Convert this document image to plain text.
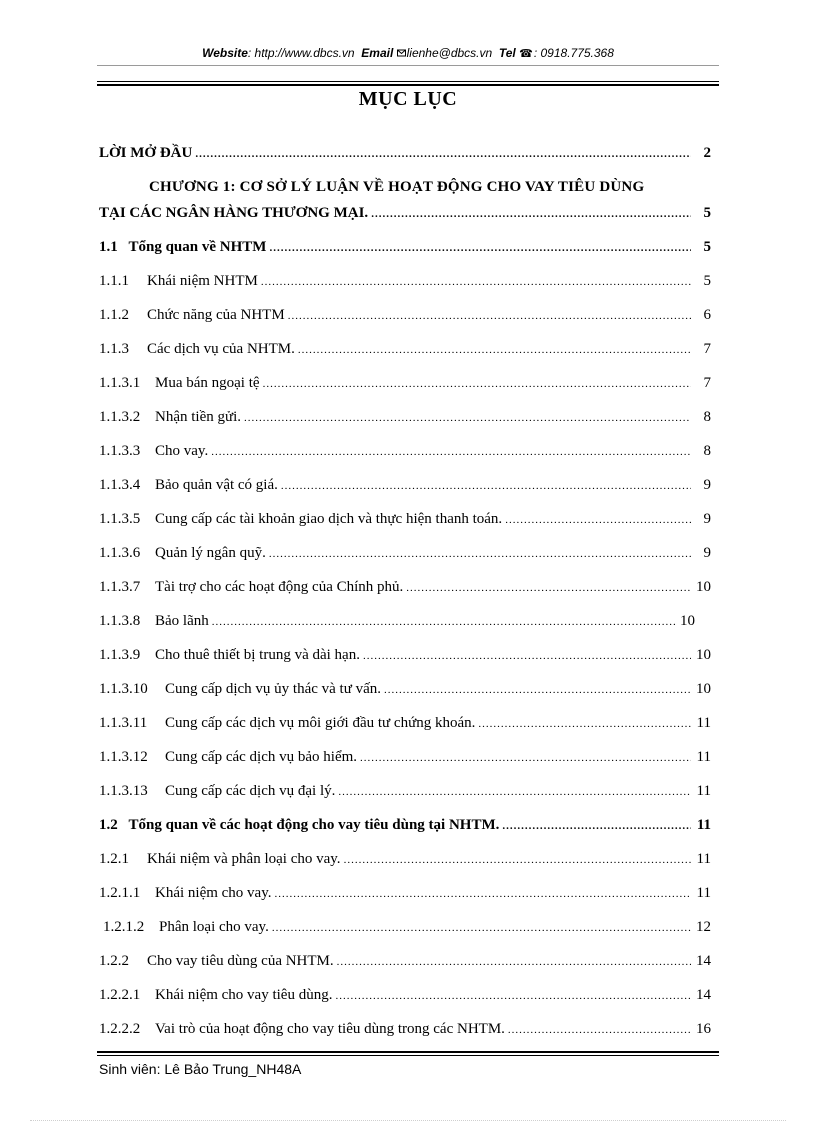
Website: http://www.dbcs.vn Email lienhe@dbcs.vn Tel ☎: 0918.775.368
MỤC LỤC
LỜI MỞ ĐẦU .....	2
CHƯƠNG 1: CƠ SỞ LÝ LUẬN VỀ HOẠT ĐỘNG CHO VAY TIÊU DÙNG
TẠI CÁC NGÂN HÀNG THƯƠNG MẠI. .....	5
1.1 Tổng quan về NHTM .....	5
1.1.1 Khái niệm NHTM .....	5
1.1.2 Chức năng của NHTM .....	6
1.1.3 Các dịch vụ của NHTM. .....	7
1.1.3.1 Mua bán ngoại tệ .....	7
1.1.3.2 Nhận tiền gửi. .....	8
1.1.3.3 Cho vay. .....	8
1.1.3.4 Bảo quản vật có giá. .....	9
1.1.3.5 Cung cấp các tài khoản giao dịch và thực hiện thanh toán. .....	9
1.1.3.6 Quản lý ngân quỹ. .....	9
1.1.3.7 Tài trợ cho các hoạt động của Chính phủ. .....	10
1.1.3.8 Bảo lãnh .....	10
1.1.3.9 Cho thuê thiết bị trung và dài hạn. .....	10
1.1.3.10 Cung cấp dịch vụ ủy thác và tư vấn. .....	10
1.1.3.11 Cung cấp các dịch vụ môi giới đầu tư chứng khoán. .....	11
1.1.3.12 Cung cấp các dịch vụ bảo hiểm. .....	11
1.1.3.13 Cung cấp các dịch vụ đại lý. .....	11
1.2 Tổng quan về các hoạt động cho vay tiêu dùng tại NHTM. .....	11
1.2.1 Khái niệm và phân loại cho vay. .....	11
1.2.1.1 Khái niệm cho vay. .....	11
1.2.1.2 Phân loại cho vay. .....	12
1.2.2 Cho vay tiêu dùng của NHTM. .....	14
1.2.2.1 Khái niệm cho vay tiêu dùng. .....	14
1.2.2.2 Vai trò của hoạt động cho vay tiêu dùng trong các NHTM. .....	16
Sinh viên: Lê Bảo Trung_NH48A
